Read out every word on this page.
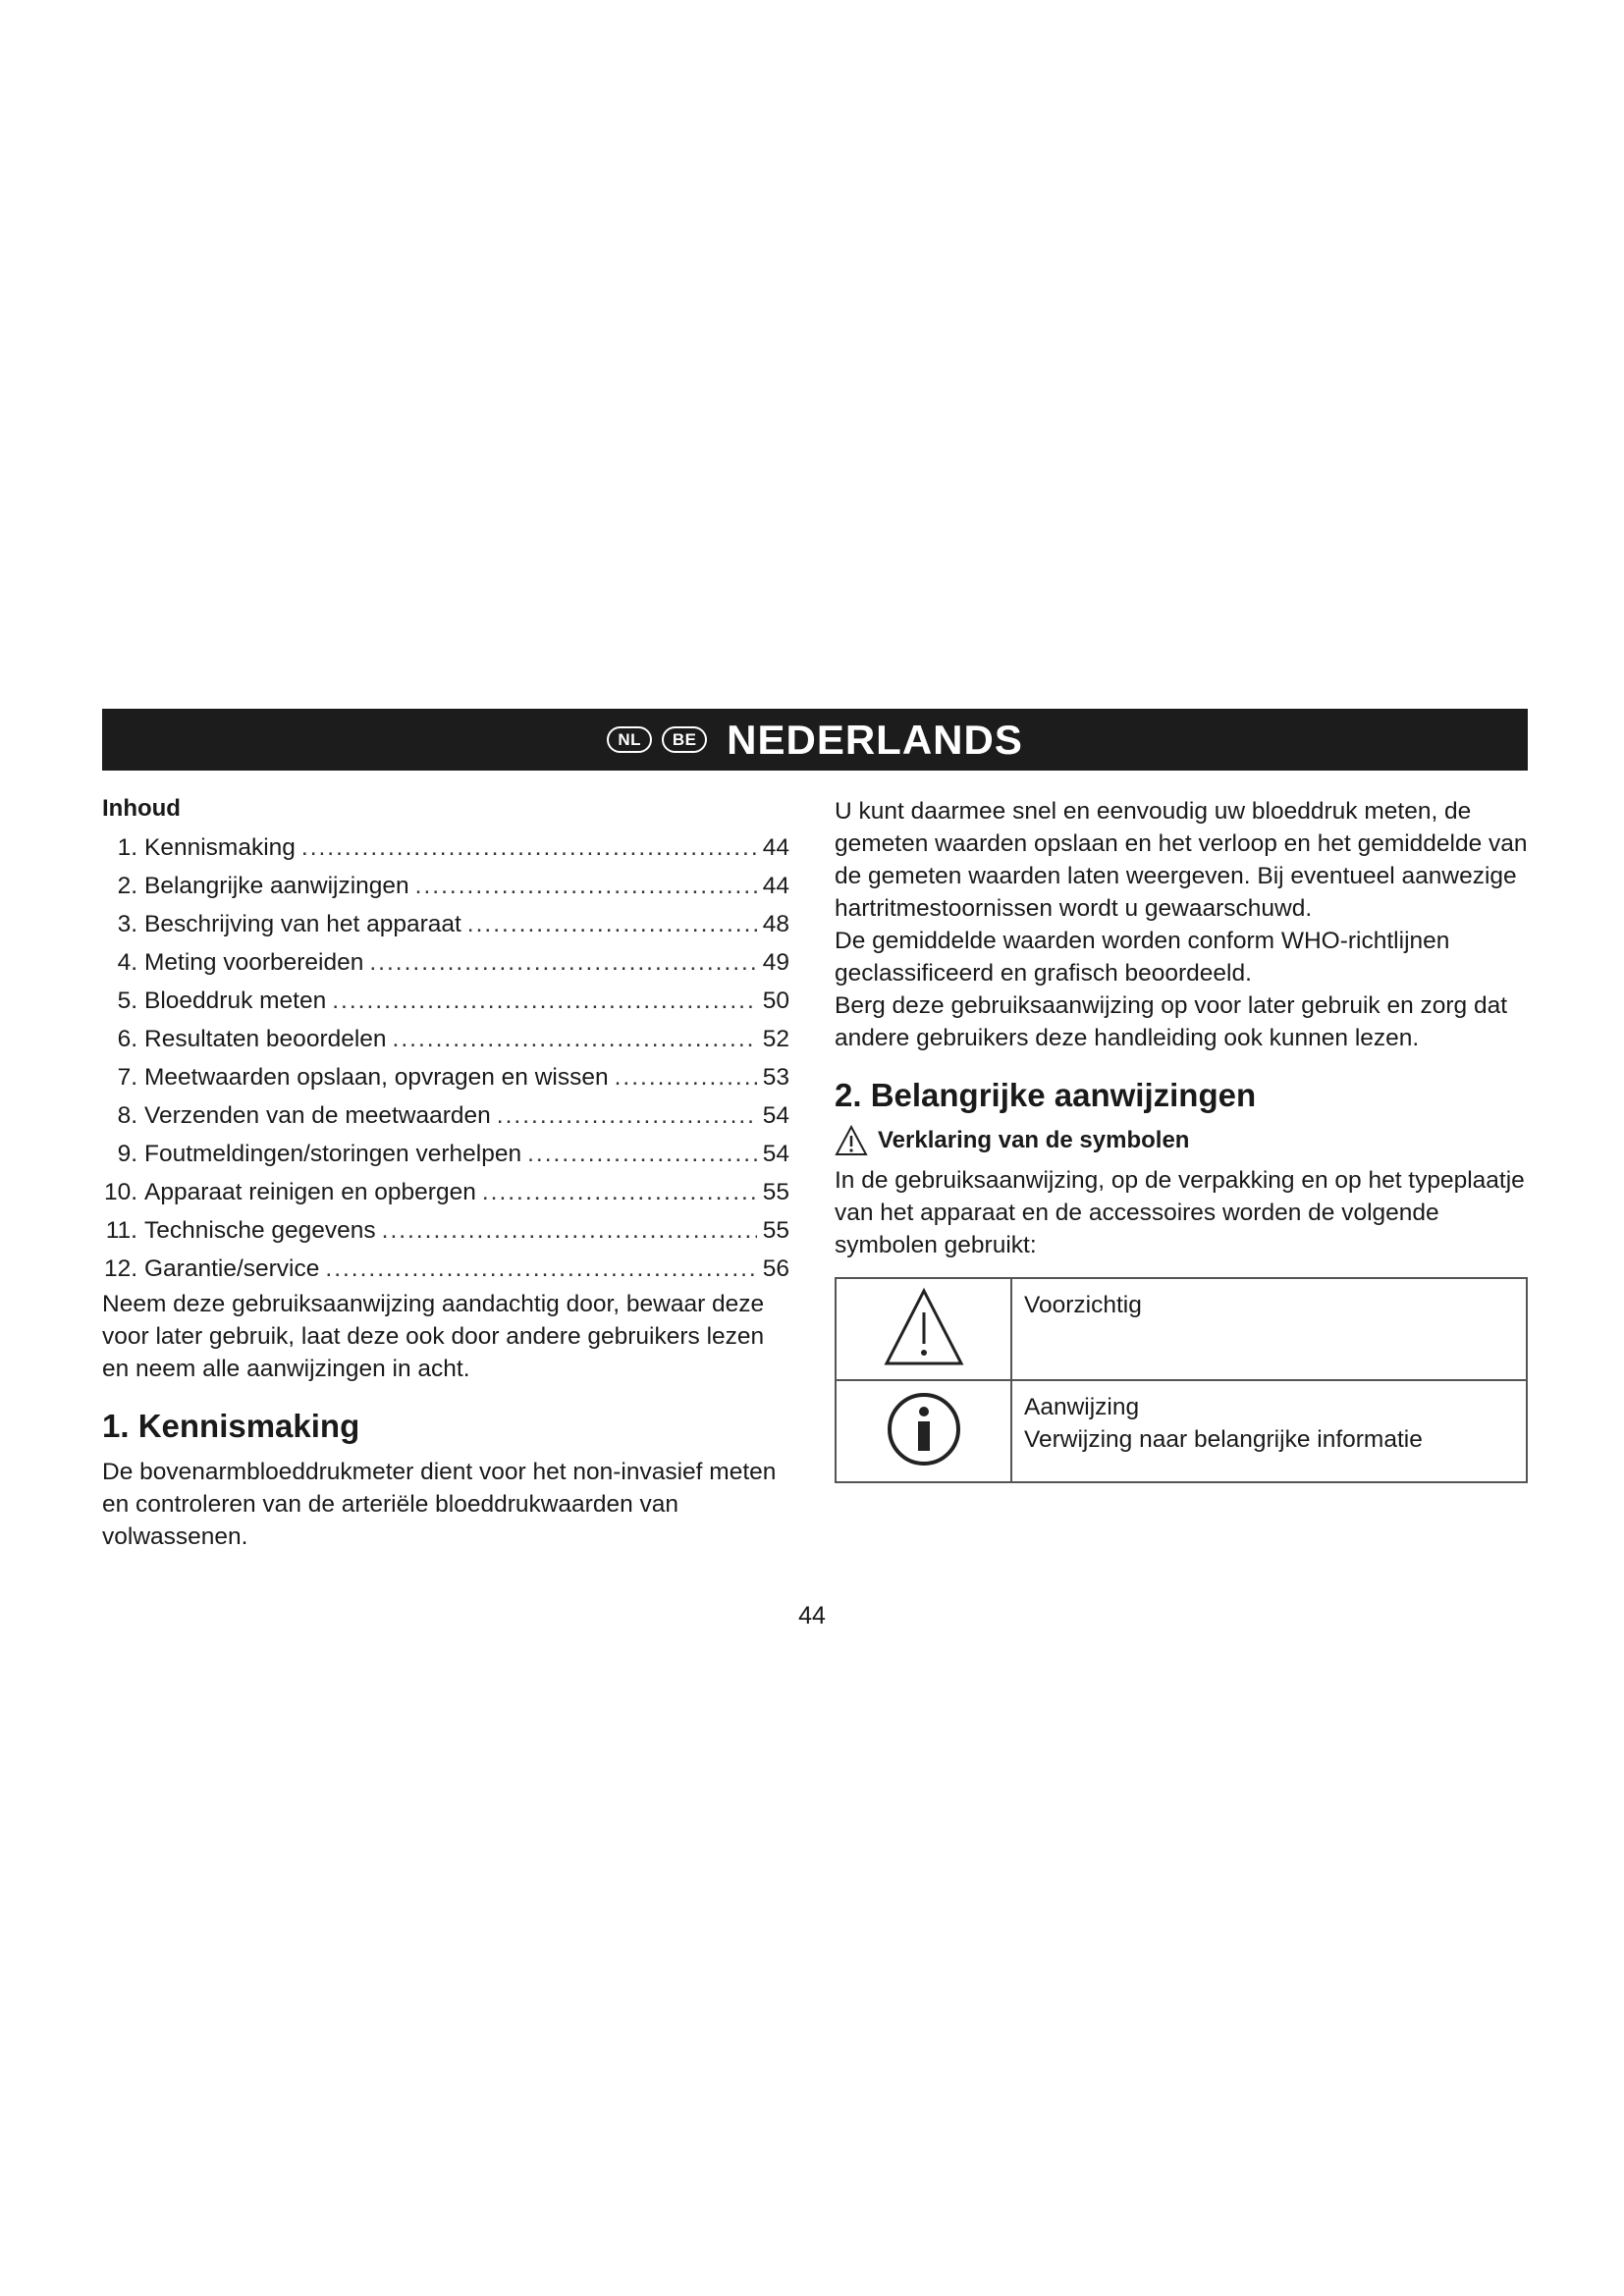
NL	BE NEDERLANDS
Inhoud
1. Kennismaking .....	44
2. Belangrijke aanwijzingen .....	44
3. Beschrijving van het apparaat .....	48
4. Meting voorbereiden .....	49
5. Bloeddruk meten .....	50
6. Resultaten beoordelen .....	52
7. Meetwaarden opslaan, opvragen en wissen .....	53
8. Verzenden van de meetwaarden .....	54
9. Foutmeldingen/storingen verhelpen .....	54
10. Apparaat reinigen en opbergen .....	55
11. Technische gegevens .....	55
12. Garantie/service .....	56

Neem deze gebruiksaanwijzing aandachtig door, bewaar deze voor later gebruik, laat deze ook door andere gebruikers lezen en neem alle aanwijzingen in acht.

1. Kennismaking

De bovenarmbloeddrukmeter dient voor het non-invasief meten en controleren van de arteriële bloeddrukwaarden van volwassenen.

U kunt daarmee snel en eenvoudig uw bloeddruk meten, de gemeten waarden opslaan en het verloop en het gemiddelde van de gemeten waarden laten weergeven. Bij eventueel aanwezige hartritmestoornissen wordt u gewaarschuwd.

De gemiddelde waarden worden conform WHO-richtlijnen geclassificeerd en grafisch beoordeeld.

Berg deze gebruiksaanwijzing op voor later gebruik en zorg dat andere gebruikers deze handleiding ook kunnen lezen.

2. Belangrijke aanwijzingen
Verklaring van de symbolen

In de gebruiksaanwijzing, op de verpakking en op het typeplaatje van het apparaat en de accessoires worden de volgende symbolen gebruikt:

Voorzichtig

Aanwijzing
Verwijzing naar belangrijke informatie
44
